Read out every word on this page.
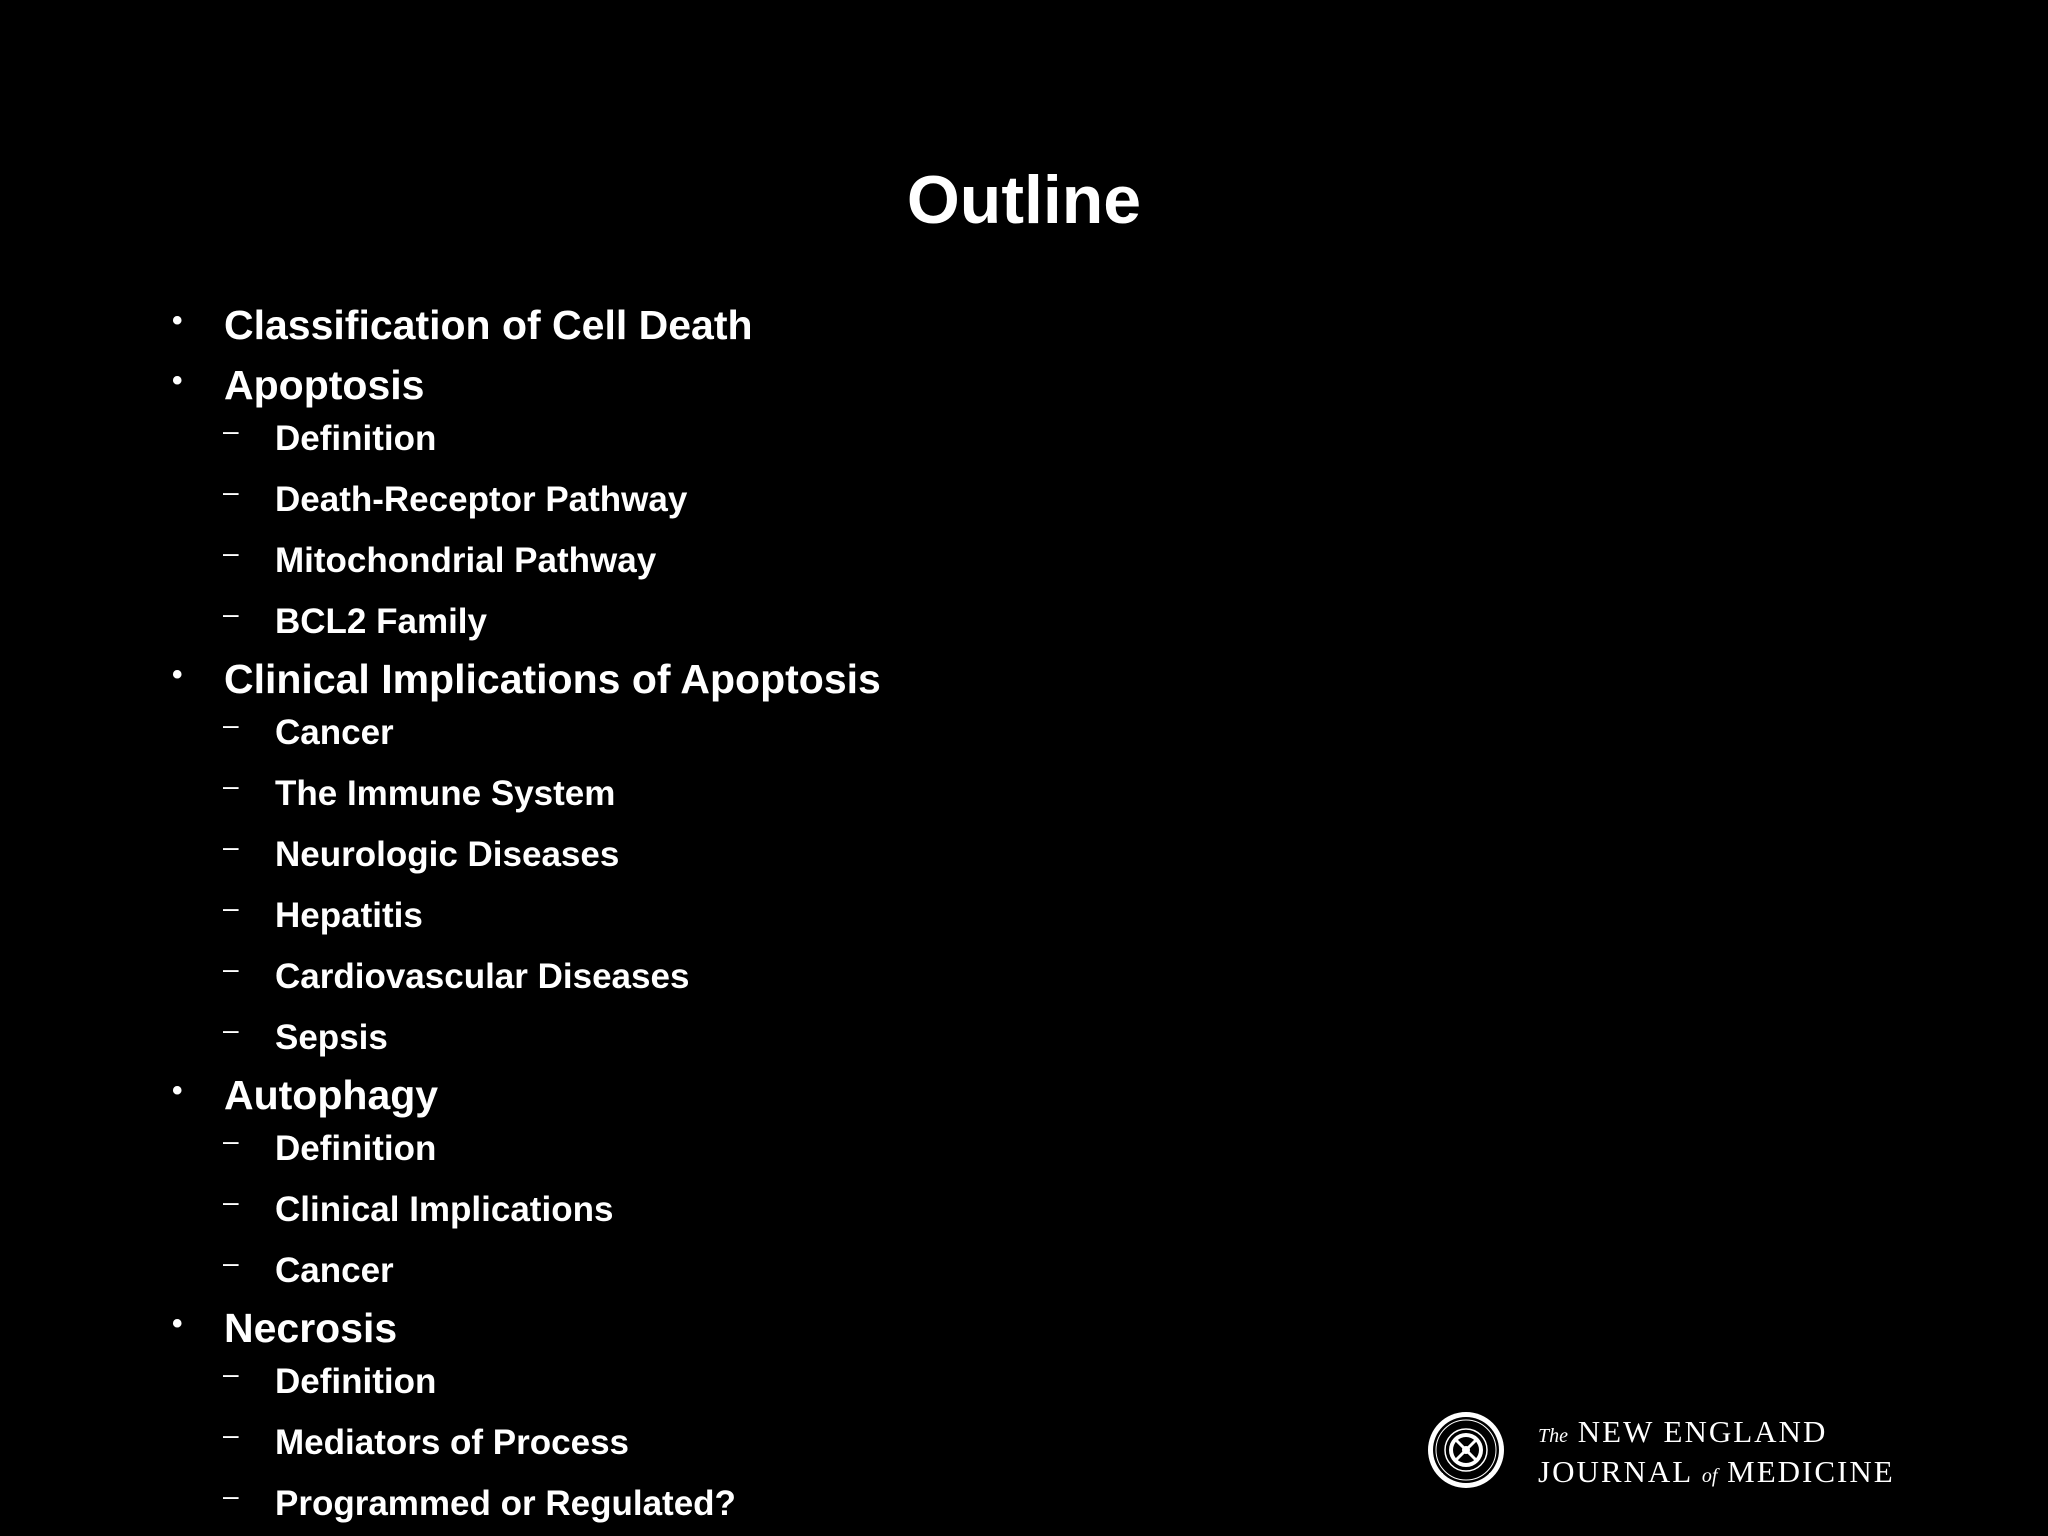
Outline
• Classification of Cell Death
• Apoptosis
– Definition
– Death-Receptor Pathway
– Mitochondrial Pathway
– BCL2 Family
• Clinical Implications of Apoptosis
– Cancer
– The Immune System
– Neurologic Diseases
– Hepatitis
– Cardiovascular Diseases
– Sepsis
• Autophagy
– Definition
– Clinical Implications
– Cancer
• Necrosis
– Definition
– Mediators of Process
– Programmed or Regulated?
The NEW ENGLAND
JOURNAL of MEDICINE
